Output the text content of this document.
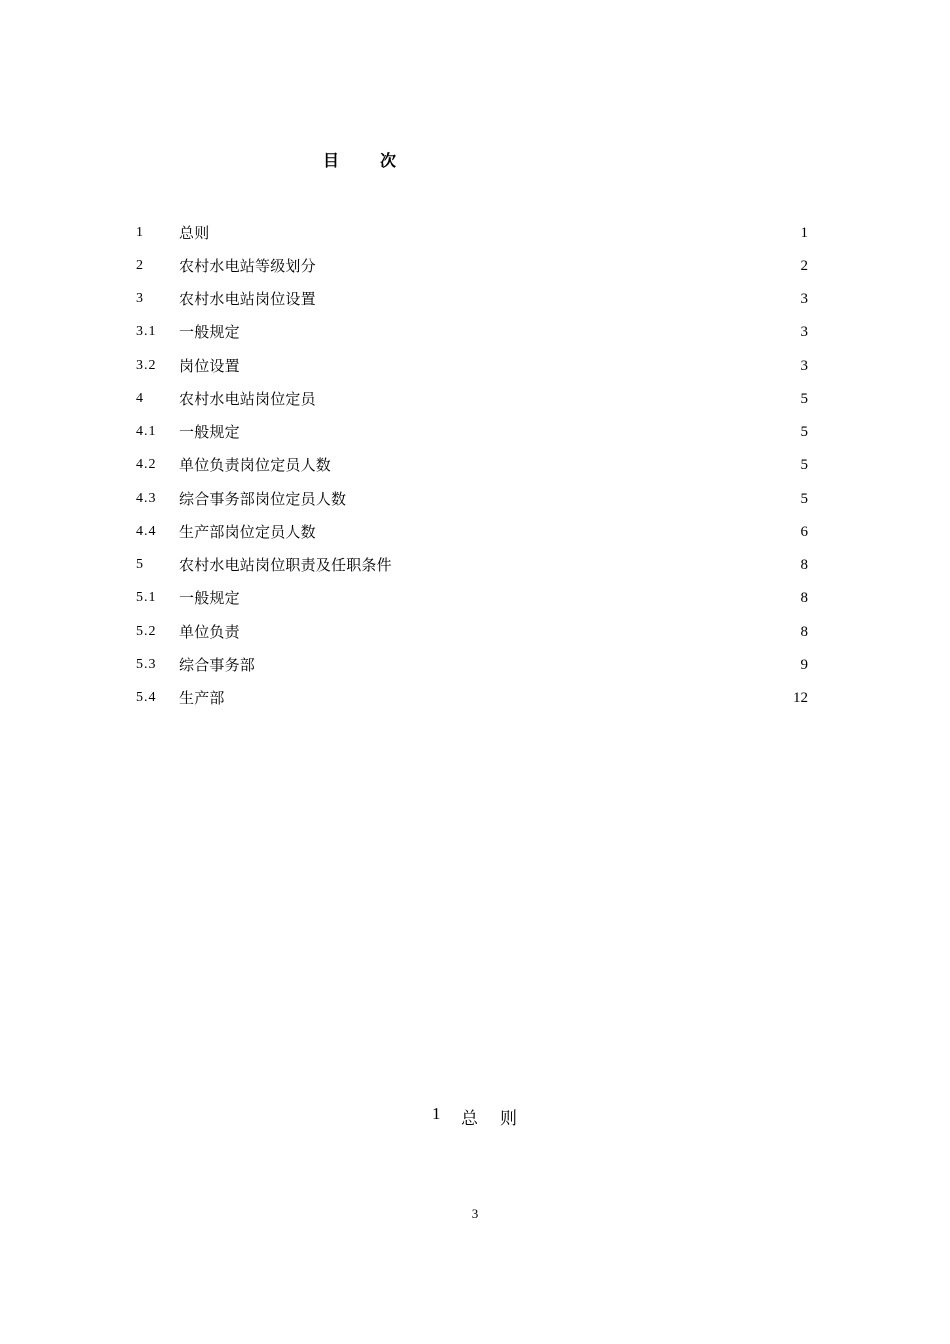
目	次
1	总则	1
2	农村水电站等级划分	2
3	农村水电站岗位设置	3
3.1	一般规定	3
3.2	岗位设置	3
4	农村水电站岗位定员	5
4.1	一般规定	5
4.2	单位负责岗位定员人数	5
4.3	综合事务部岗位定员人数	5
4.4	生产部岗位定员人数	6
5	农村水电站岗位职责及任职条件	8
5.1	一般规定	8
5.2	单位负责	8
5.3	综合事务部	9
5.4	生产部	12
1 总 则
3
